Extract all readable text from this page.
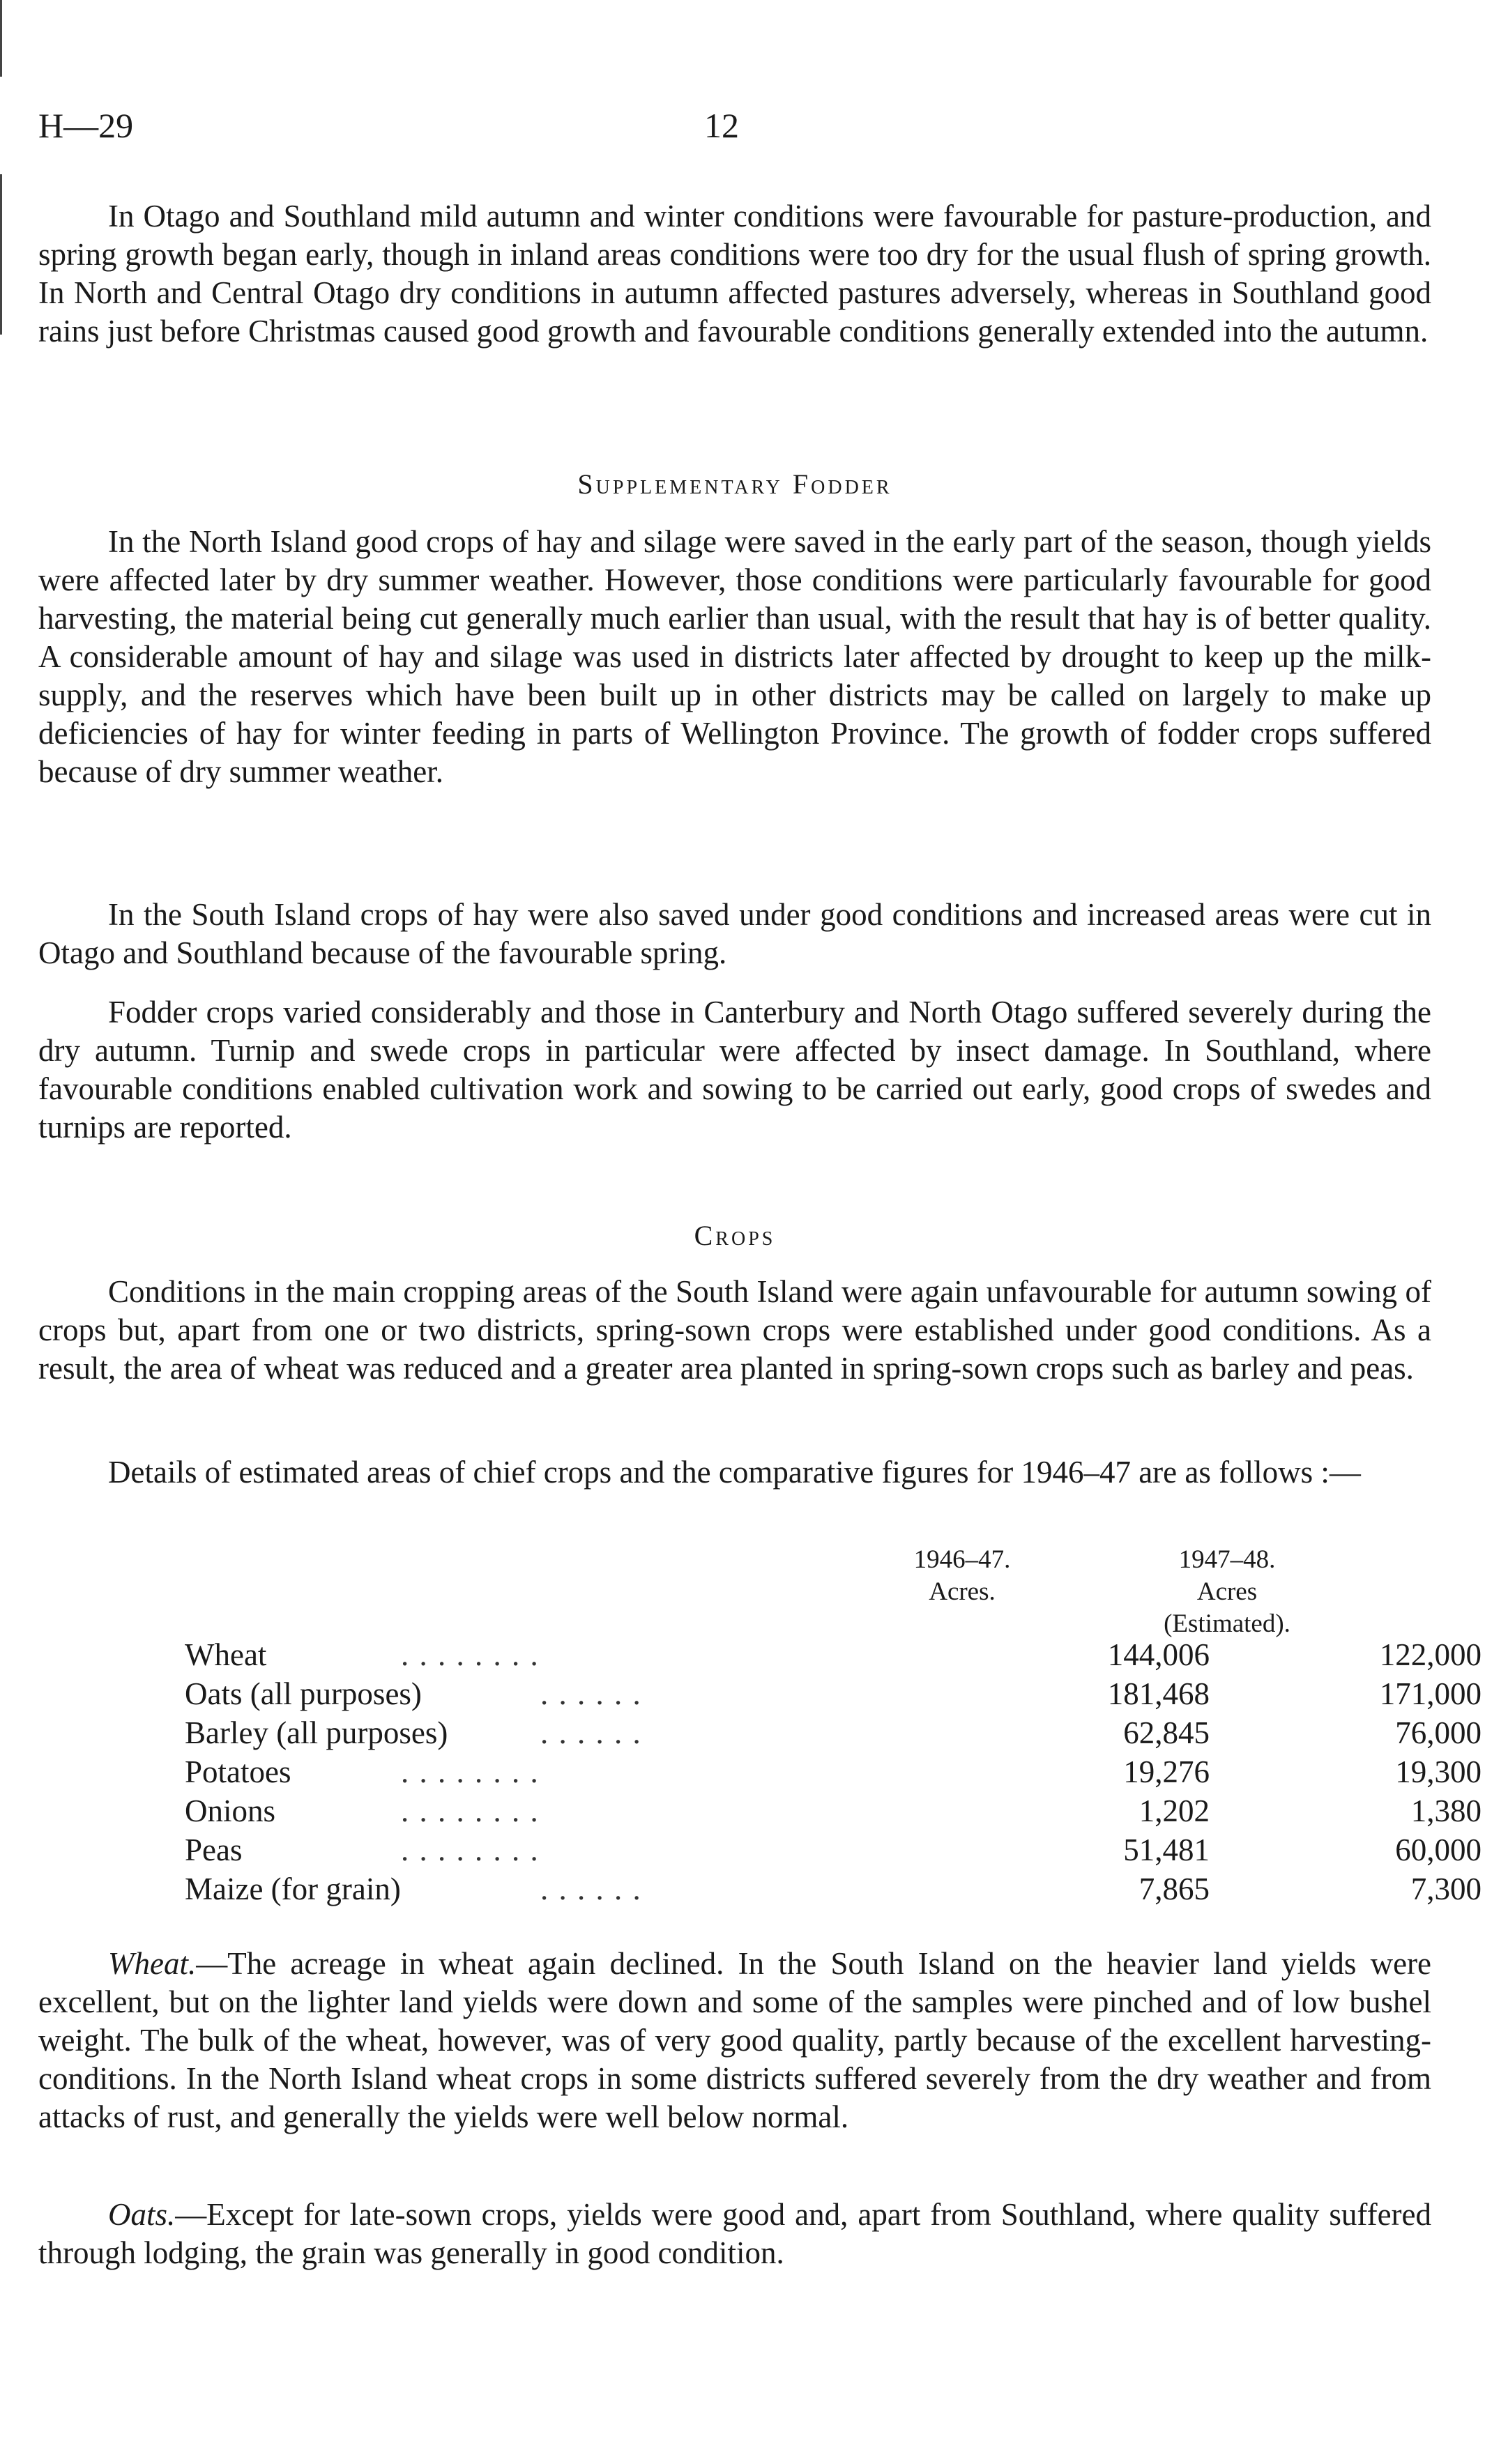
H—29	12

In Otago and Southland mild autumn and winter conditions were favourable for pasture-production, and spring growth began early, though in inland areas conditions were too dry for the usual flush of spring growth. In North and Central Otago dry conditions in autumn affected pastures adversely, whereas in Southland good rains just before Christmas caused good growth and favourable conditions generally extended into the autumn.

Supplementary Fodder

In the North Island good crops of hay and silage were saved in the early part of the season, though yields were affected later by dry summer weather. However, those conditions were particularly favourable for good harvesting, the material being cut generally much earlier than usual, with the result that hay is of better quality. A considerable amount of hay and silage was used in districts later affected by drought to keep up the milk-supply, and the reserves which have been built up in other districts may be called on largely to make up deficiencies of hay for winter feeding in parts of Wellington Province. The growth of fodder crops suffered because of dry summer weather.

In the South Island crops of hay were also saved under good conditions and increased areas were cut in Otago and Southland because of the favourable spring.

Fodder crops varied considerably and those in Canterbury and North Otago suffered severely during the dry autumn. Turnip and swede crops in particular were affected by insect damage. In Southland, where favourable conditions enabled cultivation work and sowing to be carried out early, good crops of swedes and turnips are reported.

Crops

Conditions in the main cropping areas of the South Island were again unfavourable for autumn sowing of crops but, apart from one or two districts, spring-sown crops were established under good conditions. As a result, the area of wheat was reduced and a greater area planted in spring-sown crops such as barley and peas.

Details of estimated areas of chief crops and the comparative figures for 1946–47 are as follows :—

1946–47.
Acres.
1947–48.
Acres
(Estimated).
Wheat	. . . . . . . .	144,006	122,000
Oats (all purposes)	. . . . . .	181,468	171,000
Barley (all purposes)	. . . . . .	62,845	76,000
Potatoes	. . . . . . . .	19,276	19,300
Onions	. . . . . . . .	1,202	1,380
Peas	. . . . . . . .	51,481	60,000
Maize (for grain)	. . . . . .	7,865	7,300

Wheat.—The acreage in wheat again declined. In the South Island on the heavier land yields were excellent, but on the lighter land yields were down and some of the samples were pinched and of low bushel weight. The bulk of the wheat, however, was of very good quality, partly because of the excellent harvesting-conditions. In the North Island wheat crops in some districts suffered severely from the dry weather and from attacks of rust, and generally the yields were well below normal.

Oats.—Except for late-sown crops, yields were good and, apart from Southland, where quality suffered through lodging, the grain was generally in good condition.
